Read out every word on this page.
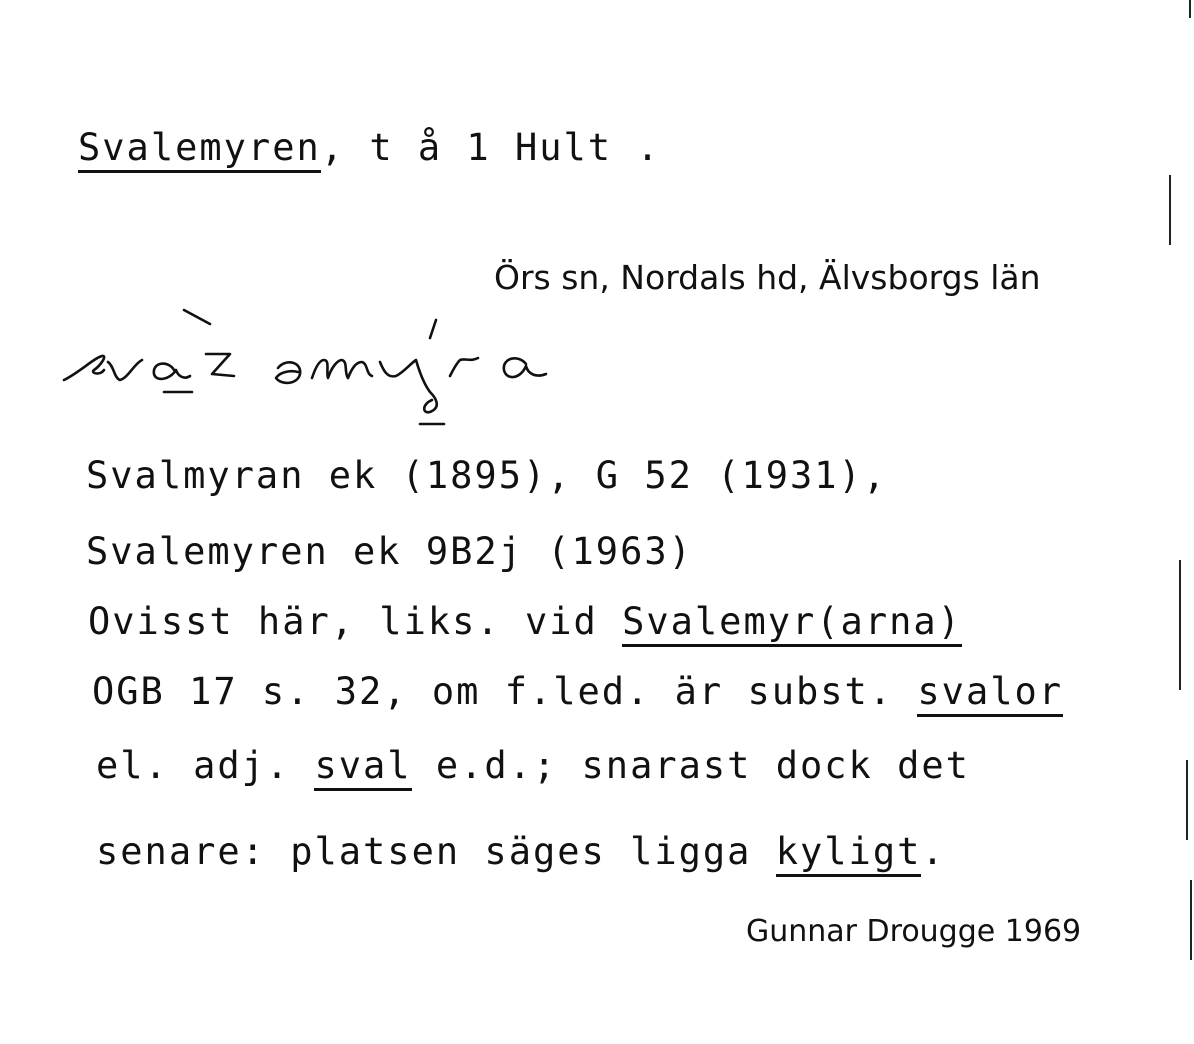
Svalemyren, t å 1 Hult .
Örs sn, Nordals hd, Älvsborgs län
Svalmyran ek (1895), G 52 (1931),
Svalemyren ek 9B2j (1963)
Ovisst här, liks. vid Svalemyr(arna)
OGB 17 s. 32, om f.led. är subst. svalor
el. adj. sval e.d.; snarast dock det
senare: platsen säges ligga kyligt.
Gunnar Drougge 1969
